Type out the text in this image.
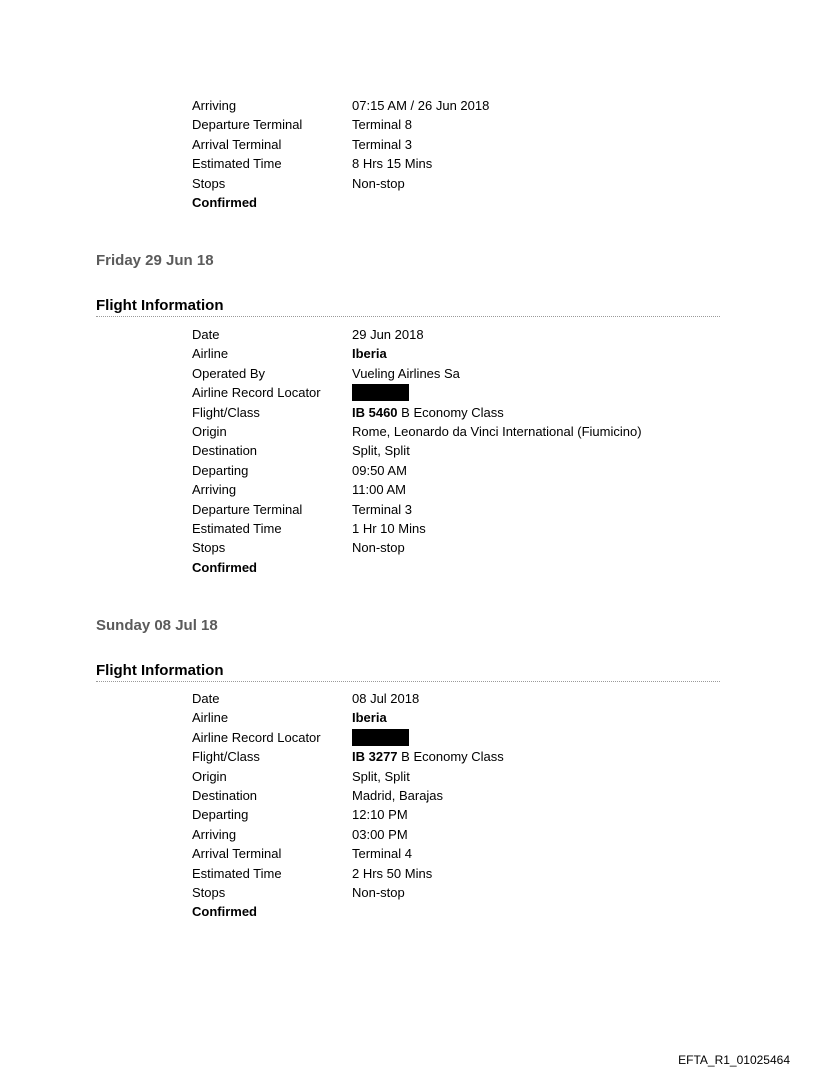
Arriving	07:15 AM / 26 Jun 2018
Departure Terminal	Terminal 8
Arrival Terminal	Terminal 3
Estimated Time	8 Hrs 15 Mins
Stops	Non-stop
Confirmed
Friday 29 Jun 18
Flight Information
Date	29 Jun 2018
Airline	Iberia
Operated By	Vueling Airlines Sa
Airline Record Locator
Flight/Class	IB 5460 B Economy Class
Origin	Rome, Leonardo da Vinci International (Fiumicino)
Destination	Split, Split
Departing	09:50 AM
Arriving	11:00 AM
Departure Terminal	Terminal 3
Estimated Time	1 Hr 10 Mins
Stops	Non-stop
Confirmed
Sunday 08 Jul 18
Flight Information
Date	08 Jul 2018
Airline	Iberia
Airline Record Locator
Flight/Class	IB 3277 B Economy Class
Origin	Split, Split
Destination	Madrid, Barajas
Departing	12:10 PM
Arriving	03:00 PM
Arrival Terminal	Terminal 4
Estimated Time	2 Hrs 50 Mins
Stops	Non-stop
Confirmed
EFTA_R1_01025464
